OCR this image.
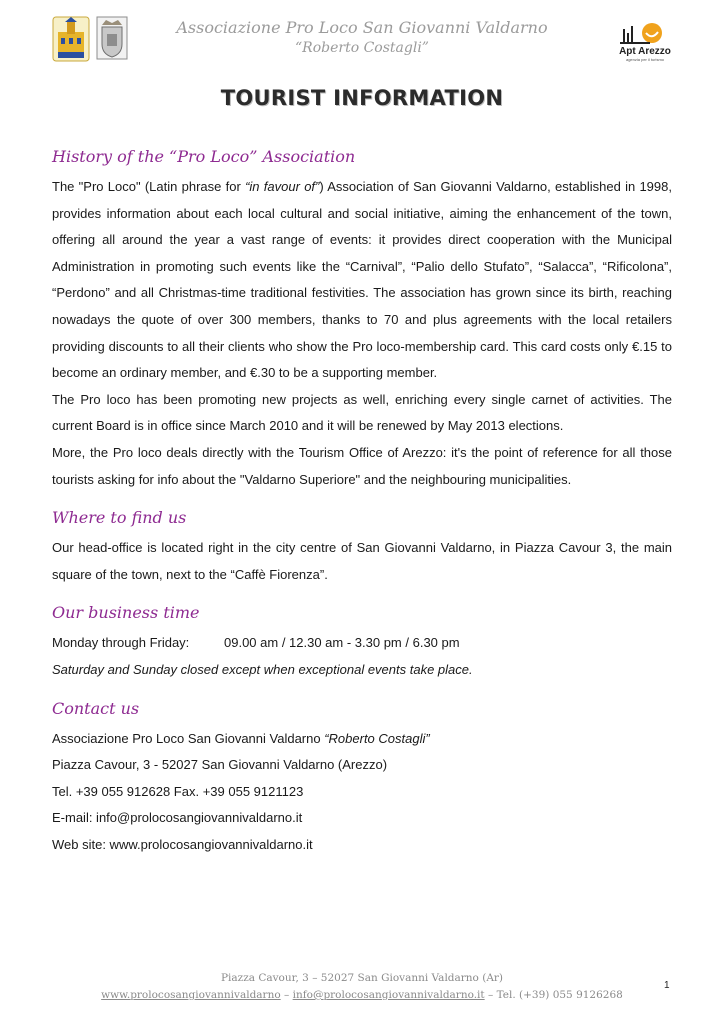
Associazione Pro Loco San Giovanni Valdarno
“Roberto Costagli”	Apt Arezzo
agenzia per il turismo
TOURIST INFORMATION
History of the “Pro Loco” Association

The "Pro Loco" (Latin phrase for “in favour of”) Association of San Giovanni Valdarno, established in 1998, provides information about each local cultural and social initiative, aiming the enhancement of the town, offering all around the year a vast range of events: it provides direct cooperation with the Municipal Administration in promoting such events like the “Carnival”, “Palio dello Stufato”, “Salacca”, “Rificolona”, “Perdono” and all Christmas-time traditional festivities. The association has grown since its birth, reaching nowadays the quote of over 300 members, thanks to 70 and plus agreements with the local retailers providing discounts to all their clients who show the Pro loco-membership card. This card costs only €.15 to become an ordinary member, and €.30 to be a supporting member.

The Pro loco has been promoting new projects as well, enriching every single carnet of activities. The current Board is in office since March 2010 and it will be renewed by May 2013 elections.

More, the Pro loco deals directly with the Tourism Office of Arezzo: it's the point of reference for all those tourists asking for info about the "Valdarno Superiore" and the neighbouring municipalities.

Where to find us

Our head-office is located right in the city centre of San Giovanni Valdarno, in Piazza Cavour 3, the main square of the town, next to the “Caffè Fiorenza”.

Our business time
Monday through Friday:	09.00 am / 12.30 am - 3.30 pm / 6.30 pm

Saturday and Sunday closed except when exceptional events take place.

Contact us

Associazione Pro Loco San Giovanni Valdarno “Roberto Costagli”

Piazza Cavour, 3 - 52027 San Giovanni Valdarno (Arezzo)

Tel. +39 055 912628 Fax. +39 055 9121123

E-mail: info@prolocosangiovannivaldarno.it

Web site: www.prolocosangiovannivaldarno.it

Piazza Cavour, 3 – 52027 San Giovanni Valdarno (Ar)
www.prolocosangiovannivaldarno – info@prolocosangiovannivaldarno.it – Tel. (+39) 055 9126268
1
